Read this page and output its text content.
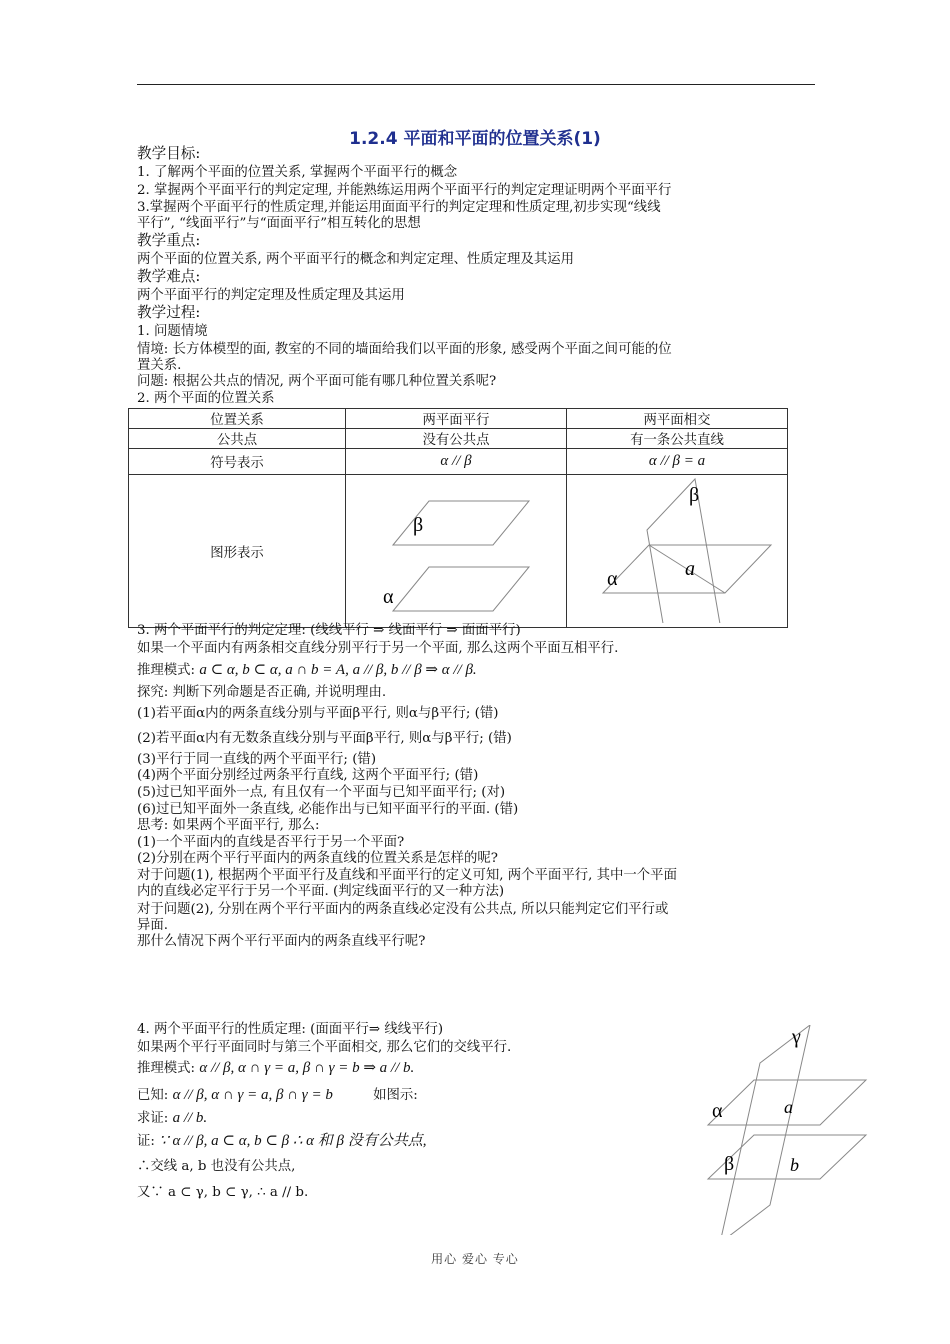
1.2.4 平面和平面的位置关系(1)
教学目标:
1. 了解两个平面的位置关系, 掌握两个平面平行的概念
2. 掌握两个平面平行的判定定理, 并能熟练运用两个平面平行的判定定理证明两个平面平行
3.掌握两个平面平行的性质定理,并能运用面面平行的判定定理和性质定理,初步实现“线线
平行”, “线面平行”与“面面平行”相互转化的思想
教学重点:
两个平面的位置关系, 两个平面平行的概念和判定定理、性质定理及其运用
教学难点:
两个平面平行的判定定理及性质定理及其运用
教学过程:
1. 问题情境
情境: 长方体模型的面, 教室的不同的墙面给我们以平面的形象, 感受两个平面之间可能的位
置关系.
问题: 根据公共点的情况, 两个平面可能有哪几种位置关系呢?
2. 两个平面的位置关系
位置关系	两平面平行	两平面相交
公共点	没有公共点	有一条公共直线
符号表示	α // β	α // β = a
图形表示	β
α	β
α a
3. 两个平面平行的判定定理: (线线平行 ⇒ 线面平行 ⇒ 面面平行)
如果一个平面内有两条相交直线分别平行于另一个平面, 那么这两个平面互相平行.
推理模式: a ⊂ α, b ⊂ α, a ∩ b = A, a // β, b // β ⇒ α // β.
探究: 判断下列命题是否正确, 并说明理由.
(1)若平面α内的两条直线分别与平面β平行, 则α与β平行; (错)
(2)若平面α内有无数条直线分别与平面β平行, 则α与β平行; (错)
(3)平行于同一直线的两个平面平行; (错)
(4)两个平面分别经过两条平行直线, 这两个平面平行; (错)
(5)过已知平面外一点, 有且仅有一个平面与已知平面平行; (对)
(6)过已知平面外一条直线, 必能作出与已知平面平行的平面. (错)
思考: 如果两个平面平行, 那么:
(1)一个平面内的直线是否平行于另一个平面?
(2)分别在两个平行平面内的两条直线的位置关系是怎样的呢?
对于问题(1), 根据两个平面平行及直线和平面平行的定义可知, 两个平面平行, 其中一个平面
内的直线必定平行于另一个平面. (判定线面平行的又一种方法)
对于问题(2), 分别在两个平行平面内的两条直线必定没有公共点, 所以只能判定它们平行或
异面.
那什么情况下两个平行平面内的两条直线平行呢?
4. 两个平面平行的性质定理: (面面平行⇒ 线线平行)
如果两个平行平面同时与第三个平面相交, 那么它们的交线平行.
推理模式: α // β, α ∩ γ = a, β ∩ γ = b ⇒ a // b.
已知: α // β, α ∩ γ = a, β ∩ γ = b	如图示:
求证: a // b.
证: ∵ α // β, a ⊂ α, b ⊂ β ∴ α 和 β 没有公共点,
∴交线 a, b 也没有公共点,
又∵ a ⊂ γ, b ⊂ γ, ∴ a // b.
γ
α	a
β	b
用心 爱心 专心
